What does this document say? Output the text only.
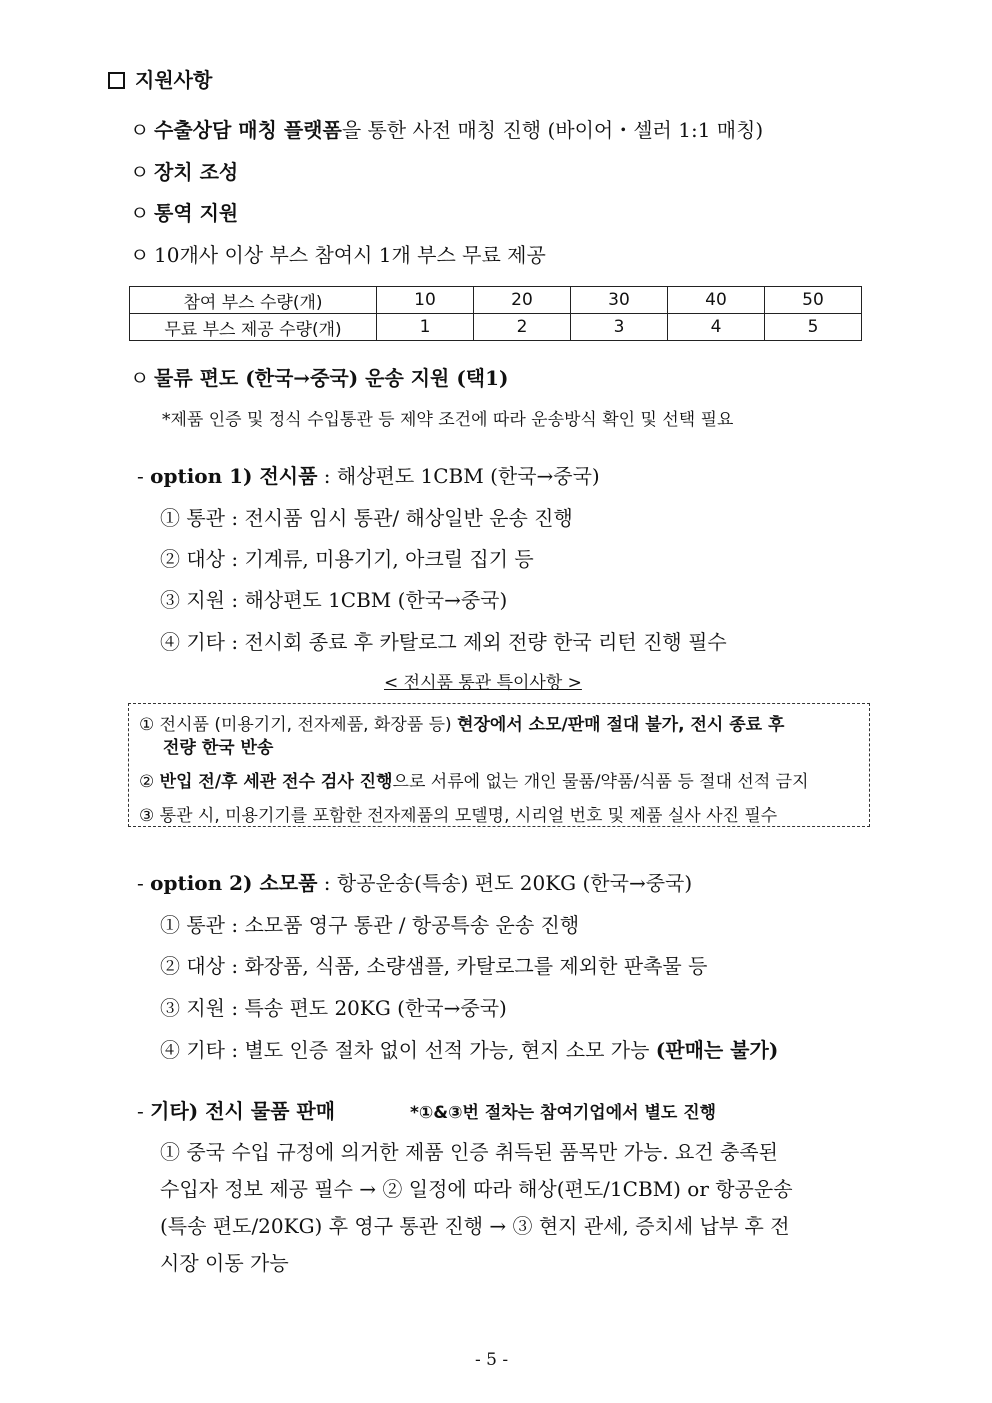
지원사항
ㅇ 수출상담 매칭 플랫폼을 통한 사전 매칭 진행 (바이어・셀러 1:1 매칭)
ㅇ 장치 조성
ㅇ 통역 지원
ㅇ 10개사 이상 부스 참여시 1개 부스 무료 제공
참여 부스 수량(개)	10	20	30	40	50
무료 부스 제공 수량(개)	1	2	3	4	5
ㅇ 물류 편도 (한국→중국) 운송 지원 (택1)
*제품 인증 및 정식 수입통관 등 제약 조건에 따라 운송방식 확인 및 선택 필요
- option 1) 전시품 : 해상편도 1CBM (한국→중국)
① 통관 : 전시품 임시 통관/ 해상일반 운송 진행
② 대상 : 기계류, 미용기기, 아크릴 집기 등
③ 지원 : 해상편도 1CBM (한국→중국)
④ 기타 : 전시회 종료 후 카탈로그 제외 전량 한국 리턴 진행 필수
< 전시품 통관 특이사항 >
① 전시품 (미용기기, 전자제품, 화장품 등) 현장에서 소모/판매 절대 불가, 전시 종료 후
전량 한국 반송
② 반입 전/후 세관 전수 검사 진행으로 서류에 없는 개인 물품/약품/식품 등 절대 선적 금지
③ 통관 시, 미용기기를 포함한 전자제품의 모델명, 시리얼 번호 및 제품 실사 사진 필수
- option 2) 소모품 : 항공운송(특송) 편도 20KG (한국→중국)
① 통관 : 소모품 영구 통관 / 항공특송 운송 진행
② 대상 : 화장품, 식품, 소량샘플, 카탈로그를 제외한 판촉물 등
③ 지원 : 특송 편도 20KG (한국→중국)
④ 기타 : 별도 인증 절차 없이 선적 가능, 현지 소모 가능 (판매는 불가)
- 기타) 전시 물품 판매	*①&③번 절차는 참여기업에서 별도 진행
① 중국 수입 규정에 의거한 제품 인증 취득된 품목만 가능. 요건 충족된
수입자 정보 제공 필수 → ② 일정에 따라 해상(편도/1CBM) or 항공운송
(특송 편도/20KG) 후 영구 통관 진행 → ③ 현지 관세, 증치세 납부 후 전
시장 이동 가능
- 5 -
